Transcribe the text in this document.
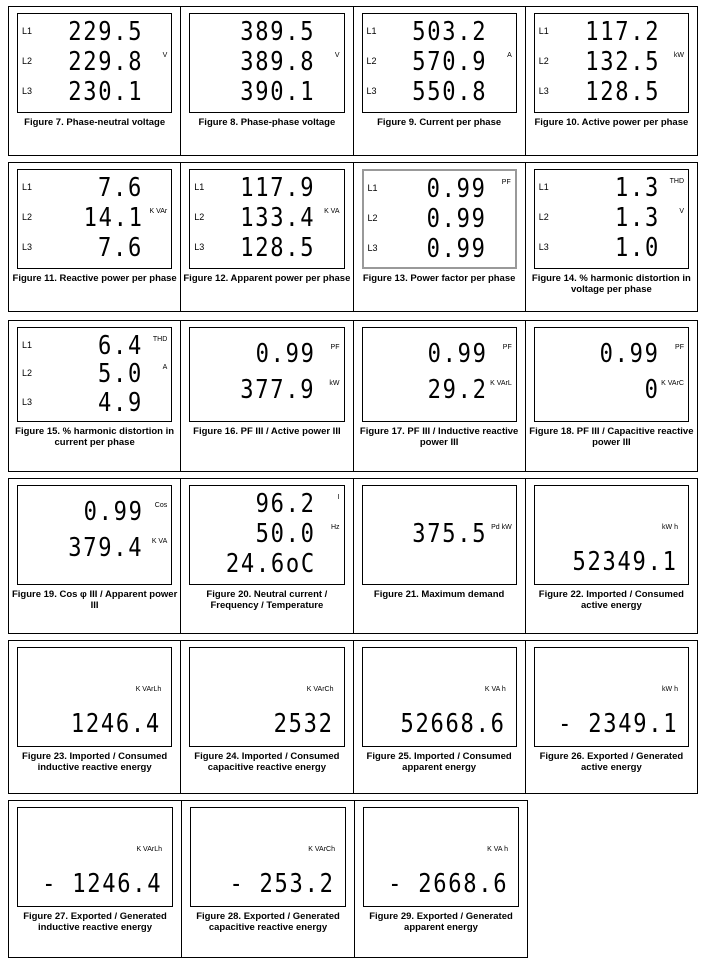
L1 229.5
L2 229.8	V
L3 230.1
Figure 7. Phase-neutral voltage
389.5
389.8	V
390.1
Figure 8. Phase-phase voltage
L1 503.2
L2 570.9	A
L3 550.8
Figure 9. Current per phase
L1 117.2
L2 132.5 kW
L3 128.5
Figure 10. Active power per phase
L1	7.6
L2 14.1 K VAr
L3	7.6
Figure 11. Reactive power per phase
L1 117.9
L2 133.4 K VA
L3 128.5
Figure 12. Apparent power per phase
L1 0.99 PF
L2 0.99
L3 0.99
Figure 13. Power factor per phase
L1	1.3 THD
L2	1.3	V
L3	1.0
Figure 14. % harmonic distortion in voltage per phase
L1	6.4 THD
L2	5.0	A
L3	4.9
Figure 15. % harmonic distortion in current per phase
0.99 PF
377.9 kW
Figure 16. PF III / Active power III
0.99 PF
29.2 K VArL
Figure 17. PF III / Inductive reactive power III
0.99 PF
0 K VArC
Figure 18. PF III / Capacitive reactive power III
0.99 Cos
379.4 K VA
Figure 19. Cos φ III / Apparent power III
96.2	I
50.0 Hz
24.6oC
Figure 20. Neutral current / Frequency / Temperature
375.5 Pd kW
Figure 21. Maximum demand
kW h
52349.1
Figure 22. Imported / Consumed active energy
K VArLh
1246.4
Figure 23. Imported / Consumed inductive reactive energy
K VArCh
2532
Figure 24. Imported / Consumed capacitive reactive energy
K VA h
52668.6
Figure 25. Imported / Consumed apparent energy
kW h
- 2349.1
Figure 26. Exported / Generated active energy
K VArLh
- 1246.4
Figure 27. Exported / Generated inductive reactive energy
K VArCh
- 253.2
Figure 28. Exported / Generated capacitive reactive energy
K VA h
- 2668.6
Figure 29. Exported / Generated apparent energy
